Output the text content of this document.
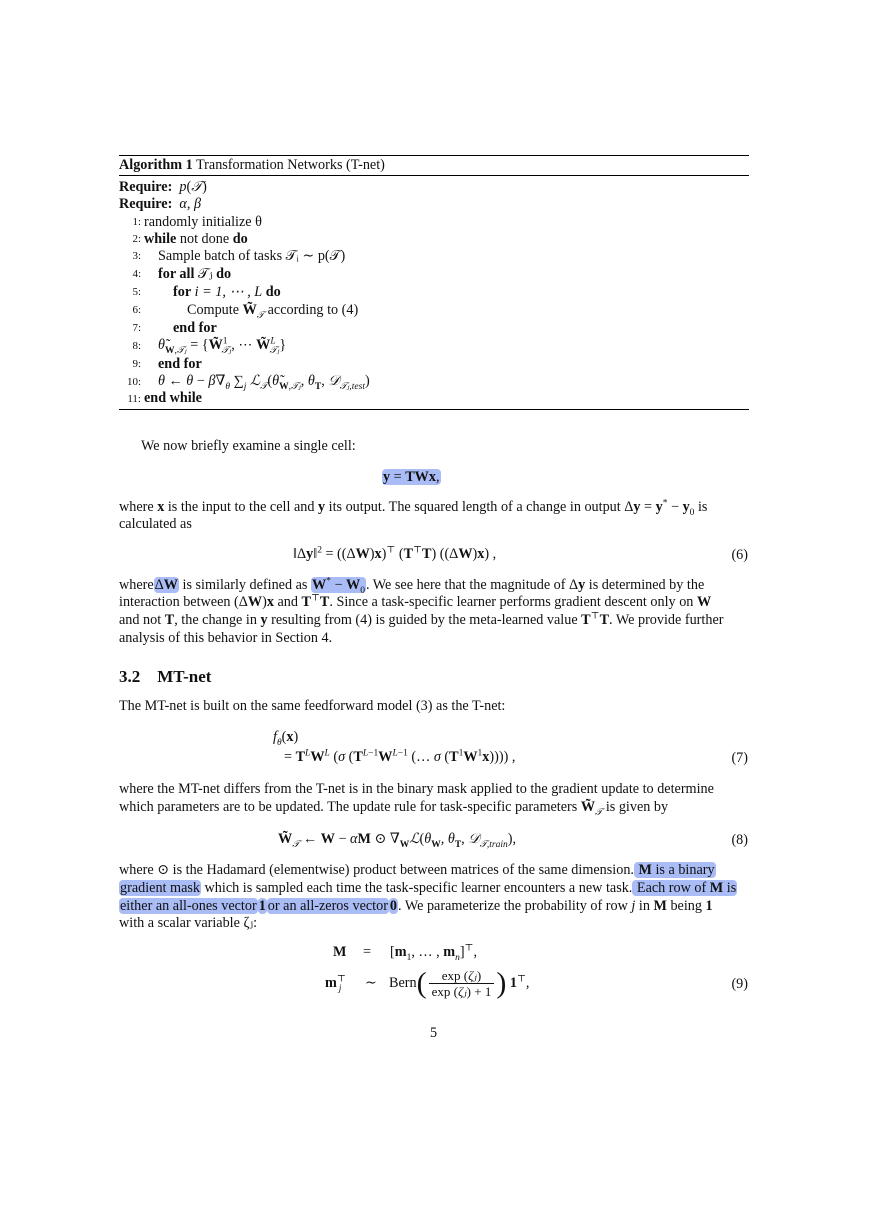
Algorithm 1 Transformation Networks (T-net)
Require: p(𝒯)
Require: α, β
1: randomly initialize θ
2: while not done do
3: Sample batch of tasks 𝒯ᵢ ∼ p(𝒯)
4: for all 𝒯ⱼ do
5: for i = 1, ⋯ , L do
6:	Compute $W̃_𝒯$ according to (4)
7: end for
8: $\thetã_{W,𝒯ⱼ}$ = {W̃$^1_{𝒯ⱼ}$, ⋯ W̃$^L_{𝒯ⱼ}$}
9: end for
10: θ ← $\theta - \beta\nabla_\theta$ $\sum_j$ $ℒ_𝒯(\thetã_{W,𝒯ⱼ}$, $\theta_T$, 𝒟$_{𝒯ⱼ,test}$)
11: end while
We now briefly examine a single cell:
y = TWx,
where x is the input to the cell and y its output. The squared length of a change in output $\Delta y = y^* - y_0$ is
calculated as
‖Δy‖$^2$ = ((ΔW)x)⊤ (T⊤T) ((ΔW)x) ,	(6)
whereΔW is similarly defined as $W^* - W_0$. We see here that the magnitude of Δy is determined by the
interaction between (ΔW)x and T⊤T. Since a task-specific learner performs gradient descent only on W
and not T, the change in y resulting from (4) is guided by the meta-learned value T⊤T. We provide further
analysis of this behavior in Section 4.
3.2 MT-net
The MT-net is built on the same feedforward model (3) as the T-net:
$f_\theta(x)$
= $T^LW^L$ (σ ($T^{L-1}W^{L-1}$ (… σ $(T^1W^1x)$))) ,	(7)
where the MT-net differs from the T-net is in the binary mask applied to the gradient update to determine
which parameters are to be updated. The update rule for task-specific parameters $W̃_𝒯$ is given by
$W̃_𝒯$ ← W − αM ⊙ $\nabla_Wℒ(\theta_W$, $\theta_T$, 𝒟$_{𝒯,train}$),	(8)
where ⊙ is the Hadamard (elementwise) product between matrices of the same dimension. M is a binary
gradient mask which is sampled each time the task-specific learner encounters a new task. Each row of M is
either an all-ones vector 1 or an all-zeros vector 0. We parameterize the probability of row j in M being 1
with a scalar variable ζⱼ:
$M = [m_1$, … , $m_n]^⊤$,
$m^⊤_j$ ∼ Bern( $\frac{\text{exp (ζⱼ)}}{\text{exp (ζⱼ) + 1}}$ ) 1⊤,	(9)
5
